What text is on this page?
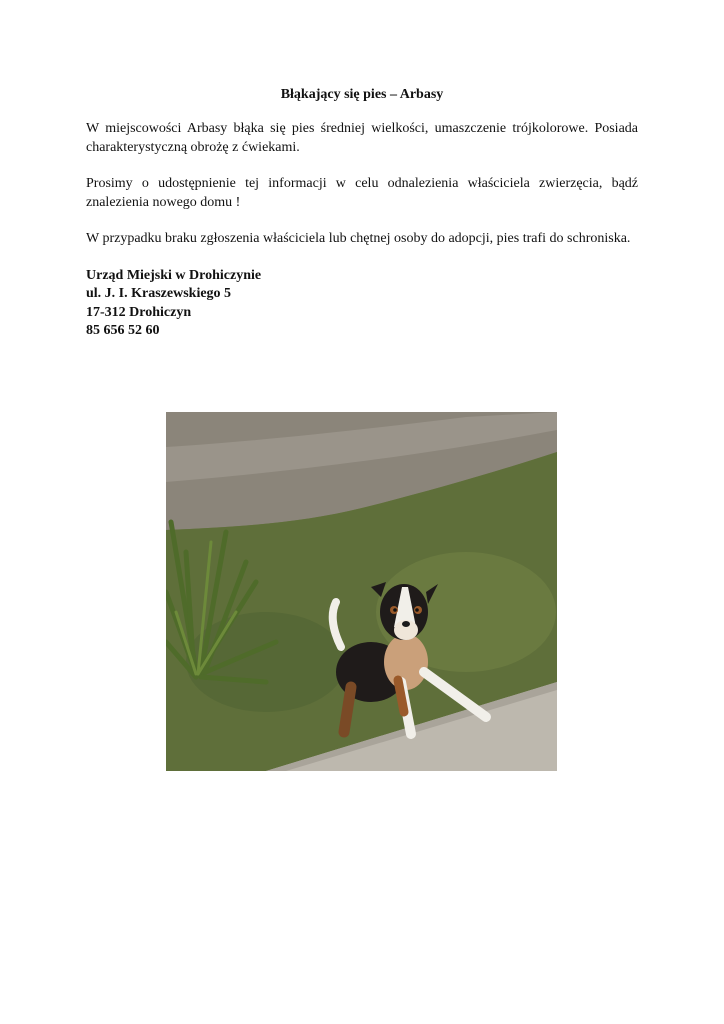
Błąkający się pies – Arbasy

W miejscowości Arbasy błąka się pies średniej wielkości, umaszczenie trójkolorowe. Posiada charakterystyczną obrożę z ćwiekami.

Prosimy o udostępnienie tej informacji w celu odnalezienia właściciela zwierzęcia, bądź znalezienia nowego domu !

W przypadku braku zgłoszenia właściciela lub chętnej osoby do adopcji, pies trafi do schroniska.

Urząd Miejski w Drohiczynie
ul. J. I. Kraszewskiego 5
17-312 Drohiczyn
85 656 52 60
